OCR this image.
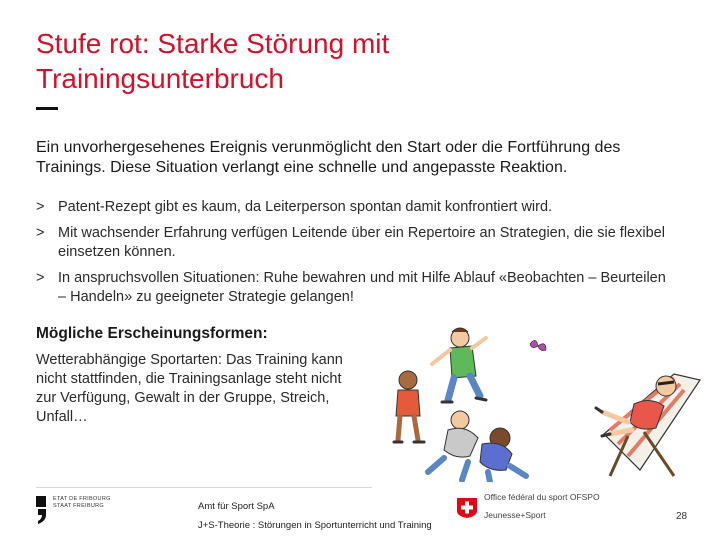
Stufe rot: Starke Störung mit Trainingsunterbruch

Ein unvorhergesehenes Ereignis verunmöglicht den Start oder die Fortführung des Trainings. Diese Situation verlangt eine schnelle und angepasste Reaktion.

> Patent-Rezept gibt es kaum, da Leiterperson spontan damit konfrontiert wird.
> Mit wachsender Erfahrung verfügen Leitende über ein Repertoire an Strategien, die sie flexibel einsetzen können.
> In anspruchsvollen Situationen: Ruhe bewahren und mit Hilfe Ablauf «Beobachten – Beurteilen – Handeln» zu geeigneter Strategie gelangen!
Mögliche Erscheinungsformen:

Wetterabhängige Sportarten: Das Training kann nicht stattfinden, die Trainingsanlage steht nicht zur Verfügung, Gewalt in der Gruppe, Streich, Unfall…

ETAT DE FRIBOURG
STAAT FREIBURG	Amt für Sport SpA
J+S-Theorie : Störungen in Sportunterricht und Training
Office fédéral du sport OFSPO
Jeunesse+Sport	28
